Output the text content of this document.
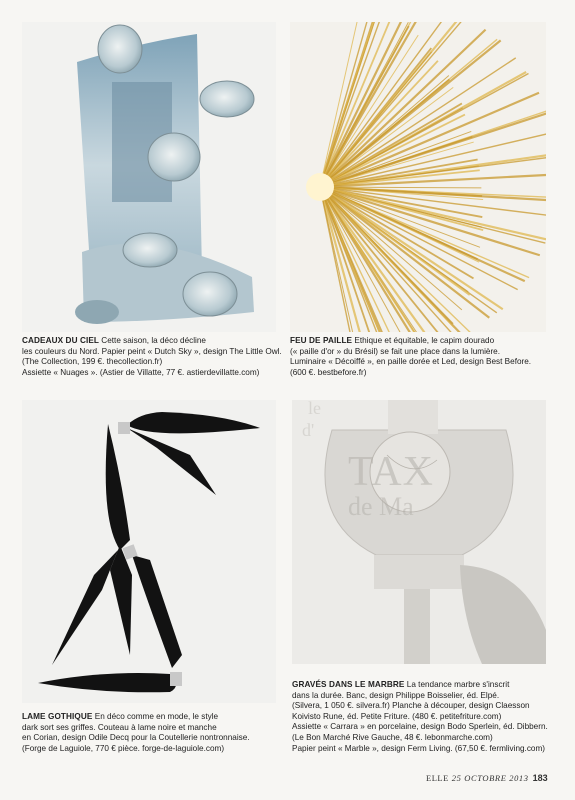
TAX
de Ma
le
d'
CADEAUX DU CIEL Cette saison, la déco décline
les couleurs du Nord. Papier peint « Dutch Sky », design The Little Owl.
(The Collection, 199 €. thecollection.fr)
Assiette « Nuages ». (Astier de Villatte, 77 €. astierdevillatte.com)
FEU DE PAILLE Ethique et équitable, le capim dourado
(« paille d'or » du Brésil) se fait une place dans la lumière.
Luminaire « Décoiffé », en paille dorée et Led, design Best Before.
(600 €. bestbefore.fr)
LAME GOTHIQUE En déco comme en mode, le style
dark sort ses griffes. Couteau à lame noire et manche
en Corian, design Odile Decq pour la Coutellerie nontronnaise.
(Forge de Laguiole, 770 € pièce. forge-de-laguiole.com)
GRAVÉS DANS LE MARBRE La tendance marbre s'inscrit
dans la durée. Banc, design Philippe Boisselier, éd. Elpé.
(Silvera, 1 050 €. silvera.fr) Planche à découper, design Claesson
Koivisto Rune, éd. Petite Friture. (480 €. petitefriture.com)
Assiette « Carrara » en porcelaine, design Bodo Sperlein, éd. Dibbern.
(Le Bon Marché Rive Gauche, 48 €. lebonmarche.com)
Papier peint « Marble », design Ferm Living. (67,50 €. fermliving.com)
ELLE 25 OCTOBRE 2013 183
